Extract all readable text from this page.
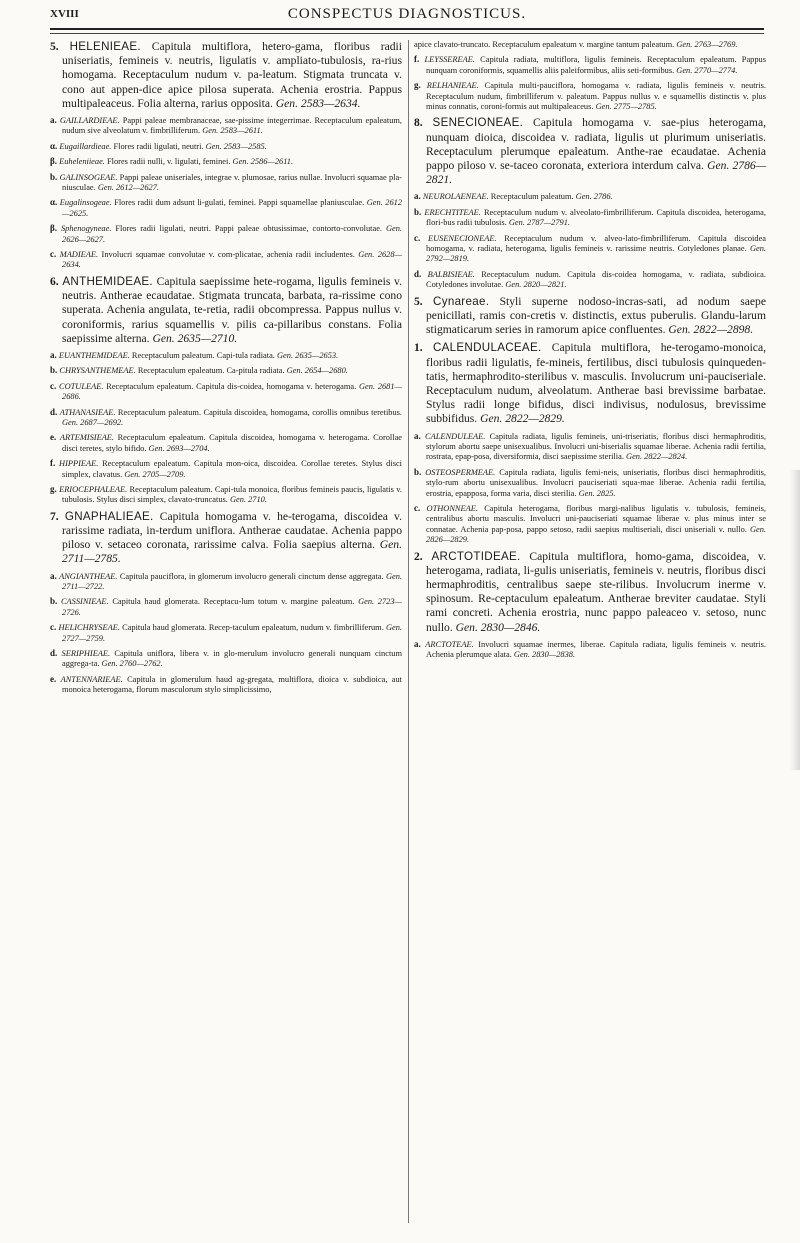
XVIII	CONSPECTUS DIAGNOSTICUS.

5. HELENIEAE. Capitula multiflora, hetero-gama, floribus radii uniseriatis, femineis v. neutris, ligulatis v. ampliato-tubulosis, ra-rius homogama. Receptaculum nudum v. pa-leatum. Stigmata truncata v. cono aut appen-dice apice pilosa superata. Achenia erostria. Pappus multipaleaceus. Folia alterna, rarius opposita. Gen. 2583—2634.

a. GAILLARDIEAE. Pappi paleae membranaceae, sae-pissime integerrimae. Receptaculum epaleatum, nudum sive alveolatum v. fimbrilliferum. Gen. 2583—2611.

α. Eugaillardieae. Flores radii ligulati, neutri. Gen. 2583—2585.

β. Euheleniieae. Flores radii nulli, v. ligulati, feminei. Gen. 2586—2611.

b. GALINSOGEAE. Pappi paleae uniseriales, integrae v. plumosae, rarius nullae. Involucri squamae pla-niusculae. Gen. 2612—2627.

α. Eugalinsogeae. Flores radii dum adsunt li-gulati, feminei. Pappi squamellae planiusculae. Gen. 2612—2625.

β. Sphenogyneae. Flores radii ligulati, neutri. Pappi paleae obtusissimae, contorto-convolutae. Gen. 2626—2627.

c. MADIEAE. Involucri squamae convolutae v. com-plicatae, achenia radii includentes. Gen. 2628—2634.

6. ANTHEMIDEAE. Capitula saepissime hete-rogama, ligulis femineis v. neutris. Antherae ecaudatae. Stigmata truncata, barbata, ra-rissime cono superata. Achenia angulata, te-retia, radii obcompressa. Pappus nullus v. coroniformis, rarius squamellis v. pilis ca-pillaribus constans. Folia saepissime alterna. Gen. 2635—2710.

a. EUANTHEMIDEAE. Receptaculum paleatum. Capi-tula radiata. Gen. 2635—2653.

b. CHRYSANTHEMEAE. Receptaculum epaleatum. Ca-pitula radiata. Gen. 2654—2680.

c. COTULEAE. Receptaculum epaleatum. Capitula dis-coidea, homogama v. heterogama. Gen. 2681—2686.

d. ATHANASIEAE. Receptaculum paleatum. Capitula discoidea, homogama, corollis omnibus teretibus. Gen. 2687—2692.

e. ARTEMISIEAE. Receptaculum epaleatum. Capitula discoidea, homogama v. heterogama. Corollae disci teretes, stylo bifido. Gen. 2693—2704.

f. HIPPIEAE. Receptaculum epaleatum. Capitula mon-oica, discoidea. Corollae teretes. Stylus disci simplex, clavatus. Gen. 2705—2709.

g. ERIOCEPHALEAE. Receptaculum paleatum. Capi-tula monoica, floribus femineis paucis, ligulatis v. tubulosis. Stylus disci simplex, clavato-truncatus. Gen. 2710.

7. GNAPHALIEAE. Capitula homogama v. he-terogama, discoidea v. rarissime radiata, in-terdum uniflora. Antherae caudatae. Achenia pappo piloso v. setaceo coronata, rarissime calva. Folia saepius alterna. Gen. 2711—2785.

a. ANGIANTHEAE. Capitula pauciflora, in glomerum involucro generali cinctum dense aggregata. Gen. 2711—2722.

b. CASSINIEAE. Capitula haud glomerata. Receptacu-lum totum v. margine paleatum. Gen. 2723—2726.

c. HELICHRYSEAE. Capitula haud glomerata. Recep-taculum epaleatum, nudum v. fimbrilliferum. Gen. 2727—2759.

d. SERIPHIEAE. Capitula uniflora, libera v. in glo-merulum involucro generali nunquam cinctum aggrega-ta. Gen. 2760—2762.

e. ANTENNARIEAE. Capitula in glomerulum haud ag-gregata, multiflora, dioica v. subdioica, aut monoica heterogama, florum masculorum stylo simplicissimo,

apice clavato-truncato. Receptaculum epaleatum v. margine tantum paleatum. Gen. 2763—2769.

f. LEYSSEREAE. Capitula radiata, multiflora, ligulis femineis. Receptaculum epaleatum. Pappus nunquam coroniformis, squamellis aliis paleiformibus, aliis seti-formibus. Gen. 2770—2774.

g. RELHANIEAE. Capitula multi-pauciflora, homogama v. radiata, ligulis femineis v. neutris. Receptaculum nudum, fimbrilliferum v. paleatum. Pappus nullus v. e squamellis distinctis v. plus minus connatis, coroni-formis aut multipaleaceus. Gen. 2775—2785.

8. SENECIONEAE. Capitula homogama v. sae-pius heterogama, nunquam dioica, discoidea v. radiata, ligulis ut plurimum uniseriatis. Receptaculum plerumque epaleatum. Anthe-rae ecaudatae. Achenia pappo piloso v. se-taceo coronata, exteriora interdum calva. Gen. 2786—2821.

a. NEUROLAENEAE. Receptaculum paleatum. Gen. 2786.

b. ERECHTITEAE. Receptaculum nudum v. alveolato-fimbrilliferum. Capitula discoidea, heterogama, flori-bus radii tubulosis. Gen. 2787—2791.

c. EUSENECIONEAE. Receptaculum nudum v. alveo-lato-fimbrilliferum. Capitula discoidea homogama, v. radiata, heterogama, ligulis femineis v. rarissime neutris. Cotyledones planae. Gen. 2792—2819.

d. BALBISIEAE. Receptaculum nudum. Capitula dis-coidea homogama, v. radiata, subdioica. Cotyledones involutae. Gen. 2820—2821.

5. Cynareae. Styli superne nodoso-incras-sati, ad nodum saepe penicillati, ramis con-cretis v. distinctis, extus puberulis. Glandu-larum stigmaticarum series in ramorum apice confluentes. Gen. 2822—2898.

1. CALENDULACEAE. Capitula multiflora, he-terogamo-monoica, floribus radii ligulatis, fe-mineis, fertilibus, disci tubulosis quinqueden-tatis, hermaphrodito-sterilibus v. masculis. Involucrum uni-pauciseriale. Receptaculum nudum, alveolatum. Antherae basi brevissime barbatae. Stylus radii longe bifidus, disci indivisus, nodulosus, brevissime subbifidus. Gen. 2822—2829.

a. CALENDULEAE. Capitula radiata, ligulis femineis, uni-triseriatis, floribus disci hermaphroditis, stylorum abortu saepe unisexualibus. Involucri uni-biserialis squamae liberae. Achenia radii fertilia, rostrata, epap-posa, diversiformia, disci saepissime sterilia. Gen. 2822—2824.

b. OSTEOSPERMEAE. Capitula radiata, ligulis femi-neis, uniseriatis, floribus disci hermaphroditis, stylo-rum abortu unisexualibus. Involucri pauciseriati squa-mae liberae. Achenia radii fertilia, erostria, epapposa, forma varia, disci sterilia. Gen. 2825.

c. OTHONNEAE. Capitula heterogama, floribus margi-nalibus ligulatis v. tubulosis, femineis, centralibus abortu masculis. Involucri uni-pauciseriati squamae liberae v. plus minus inter se connatae. Achenia pap-posa, pappo setoso, radii saepius multiseriali, disci uniseriali v. nullo. Gen. 2826—2829.

2. ARCTOTIDEAE. Capitula multiflora, homo-gama, discoidea, v. heterogama, radiata, li-gulis uniseriatis, femineis v. neutris, floribus disci hermaphroditis, centralibus saepe ste-rilibus. Involucrum inerme v. spinosum. Re-ceptaculum epaleatum. Antherae breviter caudatae. Styli rami concreti. Achenia erostria, nunc pappo paleaceo v. setoso, nunc nullo. Gen. 2830—2846.

a. ARCTOTEAE. Involucri squamae inermes, liberae. Capitula radiata, ligulis femineis v. neutris. Achenia plerumque alata. Gen. 2830—2838.
